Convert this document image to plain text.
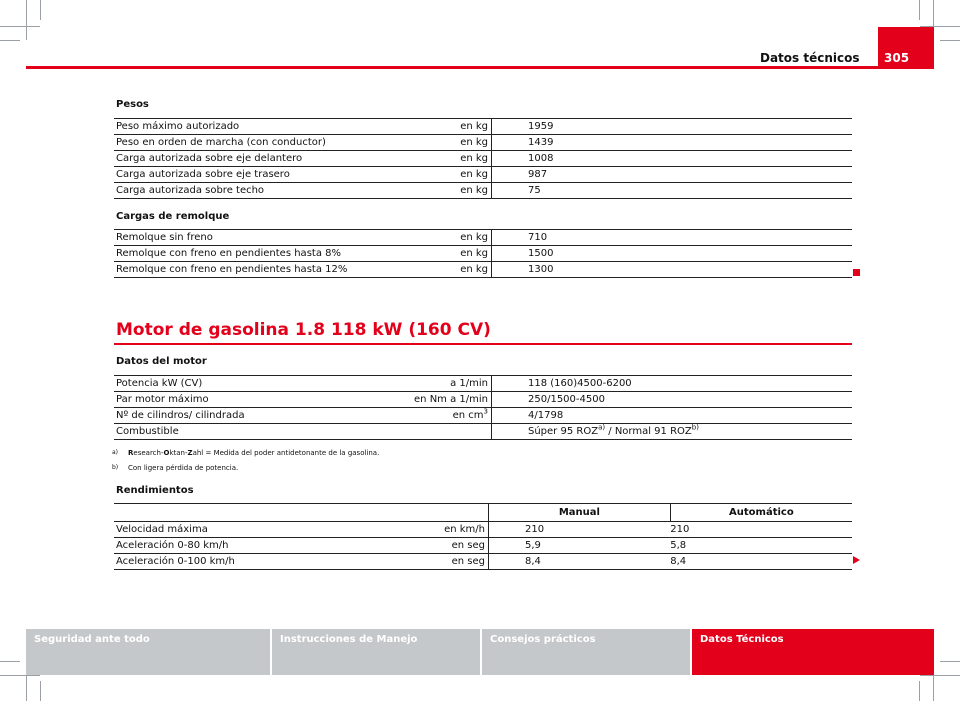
Datos técnicos	305
Pesos
Peso máximo autorizado	en kg	1959
Peso en orden de marcha (con conductor)	en kg	1439
Carga autorizada sobre eje delantero	en kg	1008
Carga autorizada sobre eje trasero	en kg	987
Carga autorizada sobre techo	en kg	75
Cargas de remolque
Remolque sin freno	en kg	710
Remolque con freno en pendientes hasta 8%	en kg	1500
Remolque con freno en pendientes hasta 12%	en kg	1300
Motor de gasolina 1.8 118 kW (160 CV)
Datos del motor
Potencia kW (CV)	a 1/min	118 (160)4500-6200
Par motor máximo	en Nm a 1/min	250/1500-4500
Nº de cilindros/ cilindrada	en $cm^3$	4/1798
Combustible		Súper 95 ROZ$^{a)}$ / Normal 91 ROZ$^{b)}$
a) Research-Oktan-Zahl = Medida del poder antidetonante de la gasolina.
b) Con ligera pérdida de potencia.
Rendimientos
		Manual	Automático
Velocidad máxima	en km/h	210	210
Aceleración 0-80 km/h	en seg	5,9	5,8
Aceleración 0-100 km/h	en seg	8,4	8,4
Seguridad ante todo	Instrucciones de Manejo	Consejos prácticos	Datos Técnicos
